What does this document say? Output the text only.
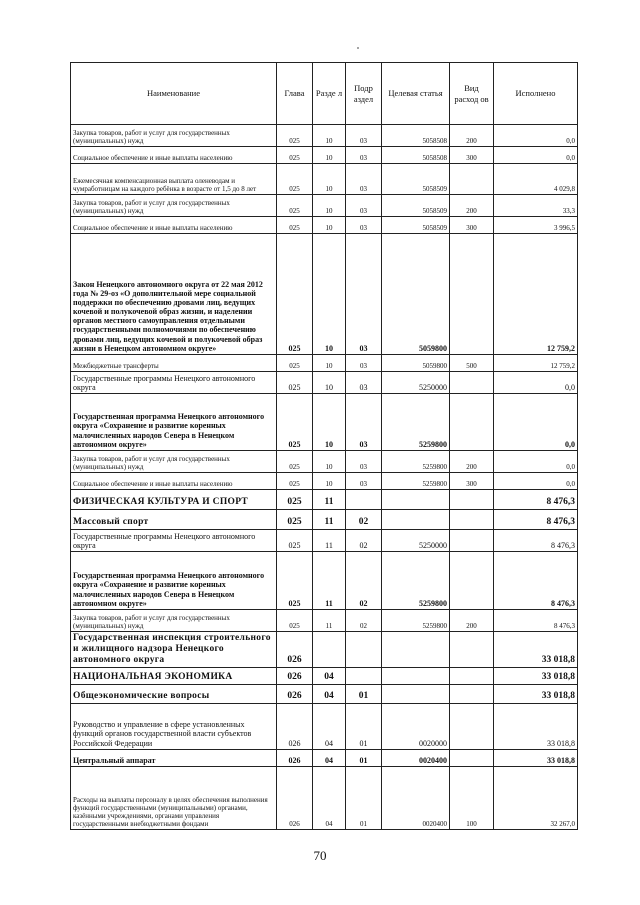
Наименование	Глава	Разде л	Подр аздел	Целевая статья	Вид расход ов	Исполнено
Закупка товаров, работ и услуг для государственных (муниципальных) нужд	025	10	03	5058508	200	0,0
Социальное обеспечение и иные выплаты населению	025	10	03	5058508	300	0,0
Ежемесячная компенсационная выплата оленеводам и чумработницам на каждого ребёнка в возрасте от 1,5 до 8 лет	025	10	03	5058509		4 029,8
Закупка товаров, работ и услуг для государственных (муниципальных) нужд	025	10	03	5058509	200	33,3
Социальное обеспечение и иные выплаты населению	025	10	03	5058509	300	3 996,5
Закон Ненецкого автономного округа от 22 мая 2012 года № 29-оз «О дополнительной мере социальной поддержки по обеспечению дровами лиц, ведущих кочевой и полукочевой образ жизни, и наделении органов местного самоуправления отдельными государственными полномочиями по обеспечению дровами лиц, ведущих кочевой и полукочевой образ жизни в Ненецком автономном округе»	025	10	03	5059800		12 759,2
Межбюджетные трансферты	025	10	03	5059800	500	12 759,2
Государственные программы Ненецкого автономного округа	025	10	03	5250000		0,0
Государственная программа Ненецкого автономного округа «Сохранение и развитие коренных малочисленных народов Севера в Ненецком автономном округе»	025	10	03	5259800		0,0
Закупка товаров, работ и услуг для государственных (муниципальных) нужд	025	10	03	5259800	200	0,0
Социальное обеспечение и иные выплаты населению	025	10	03	5259800	300	0,0
ФИЗИЧЕСКАЯ КУЛЬТУРА И СПОРТ	025	11				8 476,3
Массовый спорт	025	11	02			8 476,3
Государственные программы Ненецкого автономного округа	025	11	02	5250000		8 476,3
Государственная программа Ненецкого автономного округа «Сохранение и развитие коренных малочисленных народов Севера в Ненецком автономном округе»	025	11	02	5259800		8 476,3
Закупка товаров, работ и услуг для государственных (муниципальных) нужд	025	11	02	5259800	200	8 476,3
Государственная инспекция строительного и жилищного надзора Ненецкого автономного округа	026					33 018,8
НАЦИОНАЛЬНАЯ ЭКОНОМИКА	026	04				33 018,8
Общеэкономические вопросы	026	04	01			33 018,8
Руководство и управление в сфере установленных функций органов государственной власти субъектов Российской Федерации	026	04	01	0020000		33 018,8
Центральный аппарат	026	04	01	0020400		33 018,8
Расходы на выплаты персоналу в целях обеспечения выполнения функций государственными (муниципальными) органами, казёнными учреждениями, органами управления государственными внебюджетными фондами	026	04	01	0020400	100	32 267,0
70
